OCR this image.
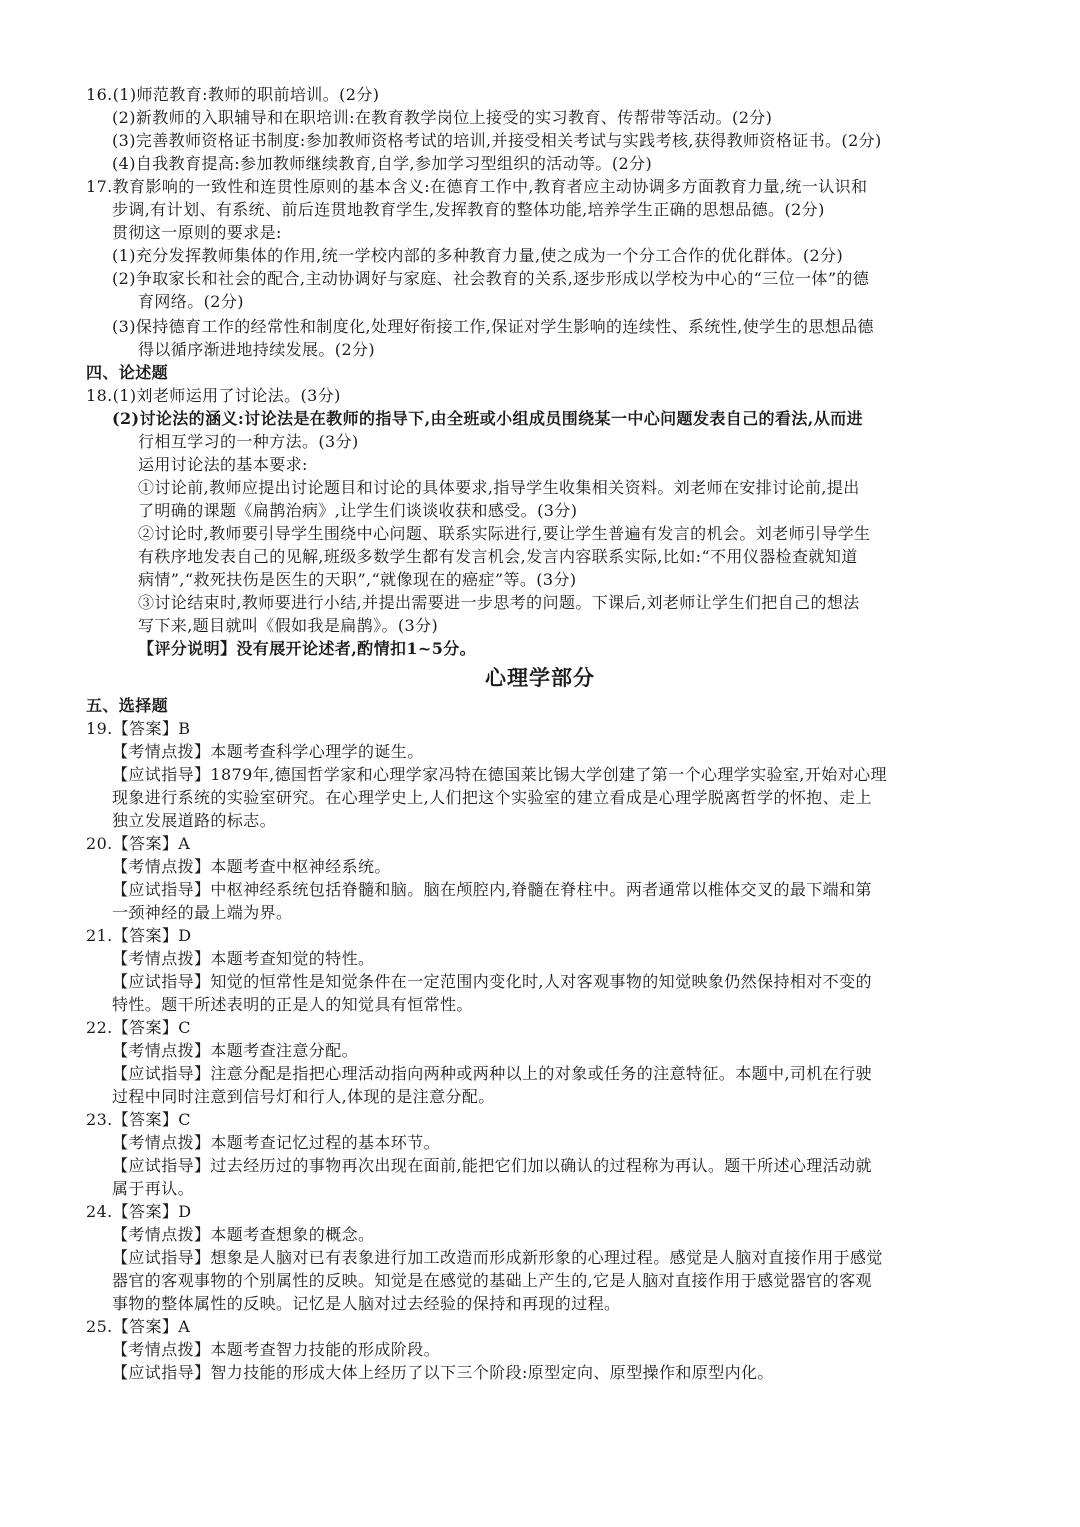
16.(1)师范教育:教师的职前培训。(2分)
(2)新教师的入职辅导和在职培训:在教育教学岗位上接受的实习教育、传帮带等活动。(2分)
(3)完善教师资格证书制度:参加教师资格考试的培训,并接受相关考试与实践考核,获得教师资格证书。(2分)
(4)自我教育提高:参加教师继续教育,自学,参加学习型组织的活动等。(2分)
17.教育影响的一致性和连贯性原则的基本含义:在德育工作中,教育者应主动协调多方面教育力量,统一认识和
步调,有计划、有系统、前后连贯地教育学生,发挥教育的整体功能,培养学生正确的思想品德。(2分)
贯彻这一原则的要求是:
(1)充分发挥教师集体的作用,统一学校内部的多种教育力量,使之成为一个分工合作的优化群体。(2分)
(2)争取家长和社会的配合,主动协调好与家庭、社会教育的关系,逐步形成以学校为中心的“三位一体”的德
育网络。(2分)
(3)保持德育工作的经常性和制度化,处理好衔接工作,保证对学生影响的连续性、系统性,使学生的思想品德
得以循序渐进地持续发展。(2分)
四、论述题
18.(1)刘老师运用了讨论法。(3分)
(2)讨论法的涵义:讨论法是在教师的指导下,由全班或小组成员围绕某一中心问题发表自己的看法,从而进
行相互学习的一种方法。(3分)
运用讨论法的基本要求:
①讨论前,教师应提出讨论题目和讨论的具体要求,指导学生收集相关资料。刘老师在安排讨论前,提出
了明确的课题《扁鹊治病》,让学生们谈谈收获和感受。(3分)
②讨论时,教师要引导学生围绕中心问题、联系实际进行,要让学生普遍有发言的机会。刘老师引导学生
有秩序地发表自己的见解,班级多数学生都有发言机会,发言内容联系实际,比如:“不用仪器检查就知道
病情”,“救死扶伤是医生的天职”,“就像现在的癌症”等。(3分)
③讨论结束时,教师要进行小结,并提出需要进一步思考的问题。下课后,刘老师让学生们把自己的想法
写下来,题目就叫《假如我是扁鹊》。(3分)
【评分说明】没有展开论述者,酌情扣1~5分。
心理学部分
五、选择题
19.【答案】B
【考情点拨】本题考查科学心理学的诞生。
【应试指导】1879年,德国哲学家和心理学家冯特在德国莱比锡大学创建了第一个心理学实验室,开始对心理
现象进行系统的实验室研究。在心理学史上,人们把这个实验室的建立看成是心理学脱离哲学的怀抱、走上
独立发展道路的标志。
20.【答案】A
【考情点拨】本题考查中枢神经系统。
【应试指导】中枢神经系统包括脊髓和脑。脑在颅腔内,脊髓在脊柱中。两者通常以椎体交叉的最下端和第
一颈神经的最上端为界。
21.【答案】D
【考情点拨】本题考查知觉的特性。
【应试指导】知觉的恒常性是知觉条件在一定范围内变化时,人对客观事物的知觉映象仍然保持相对不变的
特性。题干所述表明的正是人的知觉具有恒常性。
22.【答案】C
【考情点拨】本题考查注意分配。
【应试指导】注意分配是指把心理活动指向两种或两种以上的对象或任务的注意特征。本题中,司机在行驶
过程中同时注意到信号灯和行人,体现的是注意分配。
23.【答案】C
【考情点拨】本题考查记忆过程的基本环节。
【应试指导】过去经历过的事物再次出现在面前,能把它们加以确认的过程称为再认。题干所述心理活动就
属于再认。
24.【答案】D
【考情点拨】本题考查想象的概念。
【应试指导】想象是人脑对已有表象进行加工改造而形成新形象的心理过程。感觉是人脑对直接作用于感觉
器官的客观事物的个别属性的反映。知觉是在感觉的基础上产生的,它是人脑对直接作用于感觉器官的客观
事物的整体属性的反映。记忆是人脑对过去经验的保持和再现的过程。
25.【答案】A
【考情点拨】本题考查智力技能的形成阶段。
【应试指导】智力技能的形成大体上经历了以下三个阶段:原型定向、原型操作和原型内化。
